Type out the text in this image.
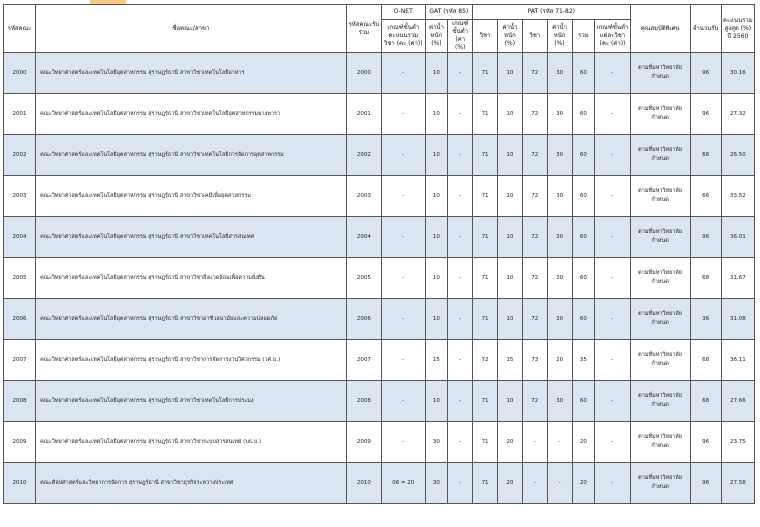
รหัสคณะ	ชื่อคณะ/สาขา	รหัสคณะรับร่วม	O-NET	GAT (รหัส 85)		PAT (รหัส 71-82)						คุณสมบัติพิเศษ	จำนวนรับ	คะแนนรวมสูงสุด (%) ปี 2560
			เกณฑ์ขั้นต่ำคะแนนรวมวิชา (คะ (ค่า))	ค่าน้ำหนัก (%)	เกณฑ์ขั้นต่ำ (ค่า (%)	วิชา	ค่าน้ำหนัก (%)	วิชา	ค่าน้ำหนัก (%)	รวม	เกณฑ์ขั้นต่ำแต่ละวิชา (คะ (ค่า))			

2000	คณะวิทยาศาสตร์และเทคโนโลยีอุตสาหกรรม สุราษฎร์ธานี สาขาวิชาเทคโนโลยีอาหาร	2000	-	10	-	71	10	72	30	60	-	ตามที่มหาวิทยาลัยกำหนด	96	30.16
2001	คณะวิทยาศาสตร์และเทคโนโลยีอุตสาหกรรม สุราษฎร์ธานี สาขาวิชาเทคโนโลยีอุตสาหกรรมยางพารา	2001	-	10	-	71	10	72	30	60	-	ตามที่มหาวิทยาลัยกำหนด	96	27.32
2002	คณะวิทยาศาสตร์และเทคโนโลยีอุตสาหกรรม สุราษฎร์ธานี สาขาวิชาเทคโนโลยีการจัดการอุตสาหกรรม	2002	-	10	-	71	10	72	30	60	-	ตามที่มหาวิทยาลัยกำหนด	68	26.50
2003	คณะวิทยาศาสตร์และเทคโนโลยีอุตสาหกรรม สุราษฎร์ธานี สาขาวิชาเคมีเพื่ออุตสาหกรรม	2003	-	10	-	71	10	72	30	60	-	ตามที่มหาวิทยาลัยกำหนด	66	33.52
2004	คณะวิทยาศาสตร์และเทคโนโลยีอุตสาหกรรม สุราษฎร์ธานี สาขาวิชาเทคโนโลยีสารสนเทศ	2004	-	10	-	71	10	72	30	60	-	ตามที่มหาวิทยาลัยกำหนด	96	36.01
2005	คณะวิทยาศาสตร์และเทคโนโลยีอุตสาหกรรม สุราษฎร์ธานี สาขาวิชาสิ่งแวดล้อมเพื่อความยั่งยืน	2005	-	10	-	71	10	72	30	60	-	ตามที่มหาวิทยาลัยกำหนด	68	31.67
2006	คณะวิทยาศาสตร์และเทคโนโลยีอุตสาหกรรม สุราษฎร์ธานี สาขาวิชาอาชีวอนามัยและความปลอดภัย	2006	-	10	-	71	10	72	30	60	-	ตามที่มหาวิทยาลัยกำหนด	36	31.08
2007	คณะวิทยาศาสตร์และเทคโนโลยีอุตสาหกรรม สุราษฎร์ธานี สาขาวิชาการจัดการงานวิศวกรรม (วศ.บ.)	2007	-	15	-	72	15	73	20	35	-	ตามที่มหาวิทยาลัยกำหนด	68	36.11
2008	คณะวิทยาศาสตร์และเทคโนโลยีอุตสาหกรรม สุราษฎร์ธานี สาขาวิชาเทคโนโลยีการประมง	2008	-	10	-	71	10	72	30	60	-	ตามที่มหาวิทยาลัยกำหนด	68	27.66
2009	คณะวิทยาศาสตร์และเทคโนโลยีอุตสาหกรรม สุราษฎร์ธานี สาขาวิชาระบบสารสนเทศ (บธ.บ.)	2009	-	30	-	71	20	-	-	20	-	ตามที่มหาวิทยาลัยกำหนด	96	23.75
2010	คณะศิลปศาสตร์และวิทยาการจัดการ สุราษฎร์ธานี สาขาวิชาธุรกิจระหว่างประเทศ	2010	06 = 20	30	-	71	20	-	-	20	-	ตามที่มหาวิทยาลัยกำหนด	96	27.58
